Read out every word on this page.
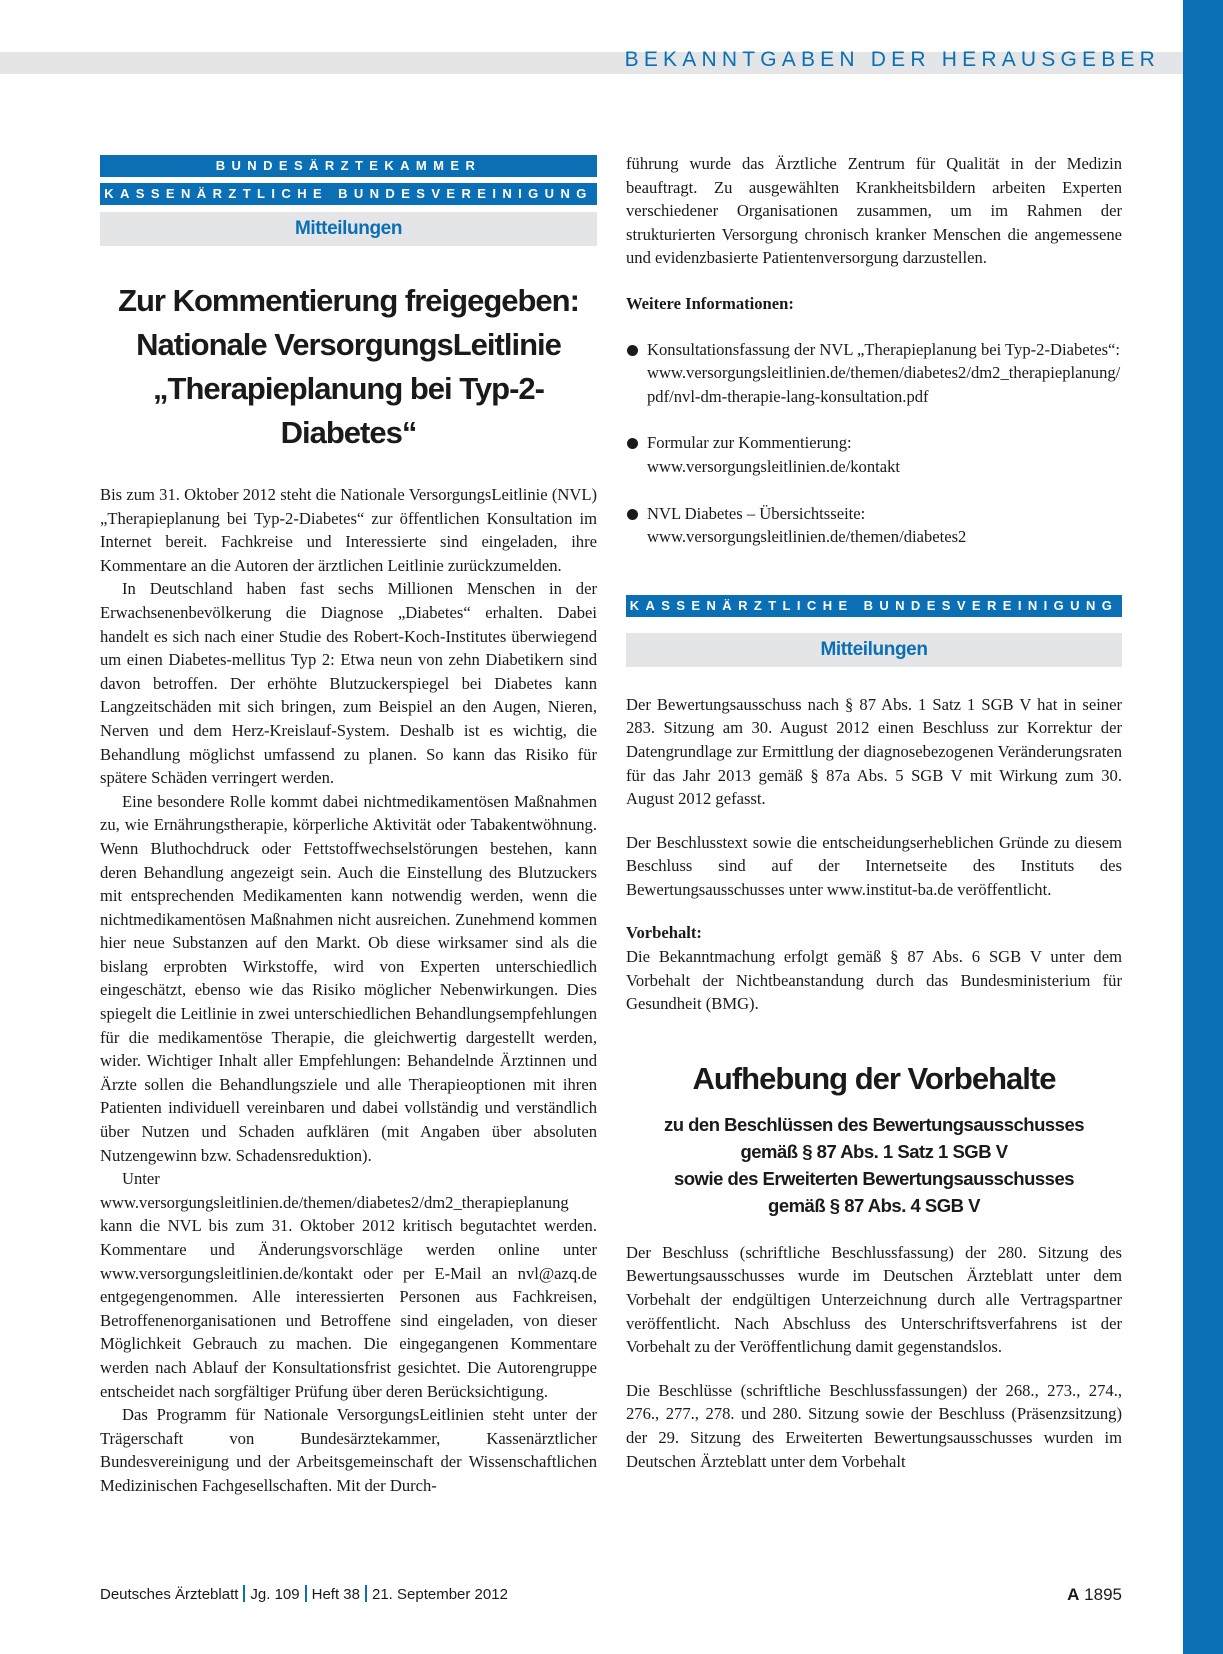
BEKANNTGABEN DER HERAUSGEBER
BUNDESÄRZTEKAMMER
KASSENÄRZTLICHE BUNDESVEREINIGUNG
Mitteilungen
Zur Kommentierung freigegeben:
Nationale VersorgungsLeitlinie
„Therapieplanung bei Typ-2-Diabetes“

Bis zum 31. Oktober 2012 steht die Nationale VersorgungsLeitlinie (NVL) „Therapieplanung bei Typ-2-Diabetes“ zur öffentlichen Konsultation im Internet bereit. Fachkreise und Interessierte sind eingeladen, ihre Kommentare an die Autoren der ärztlichen Leitlinie zurückzumelden.

In Deutschland haben fast sechs Millionen Menschen in der Erwachsenenbevölkerung die Diagnose „Diabetes“ erhalten. Dabei handelt es sich nach einer Studie des Robert-Koch-Institutes überwiegend um einen Diabetes-mellitus Typ 2: Etwa neun von zehn Diabetikern sind davon betroffen. Der erhöhte Blutzuckerspiegel bei Diabetes kann Langzeitschäden mit sich bringen, zum Beispiel an den Augen, Nieren, Nerven und dem Herz-Kreislauf-System. Deshalb ist es wichtig, die Behandlung möglichst umfassend zu planen. So kann das Risiko für spätere Schäden verringert werden.

Eine besondere Rolle kommt dabei nichtmedikamentösen Maßnahmen zu, wie Ernährungstherapie, körperliche Aktivität oder Tabakentwöhnung. Wenn Bluthochdruck oder Fettstoffwechselstörungen bestehen, kann deren Behandlung angezeigt sein. Auch die Einstellung des Blutzuckers mit entsprechenden Medikamenten kann notwendig werden, wenn die nichtmedikamentösen Maßnahmen nicht ausreichen. Zunehmend kommen hier neue Substanzen auf den Markt. Ob diese wirksamer sind als die bislang erprobten Wirkstoffe, wird von Experten unterschiedlich eingeschätzt, ebenso wie das Risiko möglicher Nebenwirkungen. Dies spiegelt die Leitlinie in zwei unterschiedlichen Behandlungsempfehlungen für die medikamentöse Therapie, die gleichwertig dargestellt werden, wider. Wichtiger Inhalt aller Empfehlungen: Behandelnde Ärztinnen und Ärzte sollen die Behandlungsziele und alle Therapieoptionen mit ihren Patienten individuell vereinbaren und dabei vollständig und verständlich über Nutzen und Schaden aufklären (mit Angaben über absoluten Nutzengewinn bzw. Schadensreduktion).

Unter www.versorgungsleitlinien.de/themen/diabetes2/dm2_therapieplanung kann die NVL bis zum 31. Oktober 2012 kritisch begutachtet werden. Kommentare und Änderungsvorschläge werden online unter www.versorgungsleitlinien.de/kontakt oder per E-Mail an nvl@azq.de entgegengenommen. Alle interessierten Personen aus Fachkreisen, Betroffenenorganisationen und Betroffene sind eingeladen, von dieser Möglichkeit Gebrauch zu machen. Die eingegangenen Kommentare werden nach Ablauf der Konsultationsfrist gesichtet. Die Autorengruppe entscheidet nach sorgfältiger Prüfung über deren Berücksichtigung.

Das Programm für Nationale VersorgungsLeitlinien steht unter der Trägerschaft von Bundesärztekammer, Kassenärztlicher Bundesvereinigung und der Arbeitsgemeinschaft der Wissenschaftlichen Medizinischen Fachgesellschaften. Mit der Durch-

führung wurde das Ärztliche Zentrum für Qualität in der Medizin beauftragt. Zu ausgewählten Krankheitsbildern arbeiten Experten verschiedener Organisationen zusammen, um im Rahmen der strukturierten Versorgung chronisch kranker Menschen die angemessene und evidenzbasierte Patientenversorgung darzustellen.

Weitere Informationen:

Konsultationsfassung der NVL „Therapieplanung bei Typ-2-Diabetes“:
www.versorgungsleitlinien.de/themen/diabetes2/dm2_therapieplanung/pdf/nvl-dm-therapie-lang-konsultation.pdf
Formular zur Kommentierung:
www.versorgungsleitlinien.de/kontakt
NVL Diabetes – Übersichtsseite:
www.versorgungsleitlinien.de/themen/diabetes2
KASSENÄRZTLICHE BUNDESVEREINIGUNG
Mitteilungen

Der Bewertungsausschuss nach § 87 Abs. 1 Satz 1 SGB V hat in seiner 283. Sitzung am 30. August 2012 einen Beschluss zur Korrektur der Datengrundlage zur Ermittlung der diagnosebezogenen Veränderungsraten für das Jahr 2013 gemäß § 87a Abs. 5 SGB V mit Wirkung zum 30. August 2012 gefasst.

Der Beschlusstext sowie die entscheidungserheblichen Gründe zu diesem Beschluss sind auf der Internetseite des Instituts des Bewertungsausschusses unter www.institut-ba.de veröffentlicht.

Vorbehalt:

Die Bekanntmachung erfolgt gemäß § 87 Abs. 6 SGB V unter dem Vorbehalt der Nichtbeanstandung durch das Bundesministerium für Gesundheit (BMG).

Aufhebung der Vorbehalte
zu den Beschlüssen des Bewertungsausschusses
gemäß § 87 Abs. 1 Satz 1 SGB V
sowie des Erweiterten Bewertungsausschusses
gemäß § 87 Abs. 4 SGB V

Der Beschluss (schriftliche Beschlussfassung) der 280. Sitzung des Bewertungsausschusses wurde im Deutschen Ärzteblatt unter dem Vorbehalt der endgültigen Unterzeichnung durch alle Vertragspartner veröffentlicht. Nach Abschluss des Unterschriftsverfahrens ist der Vorbehalt zu der Veröffentlichung damit gegenstandslos.

Die Beschlüsse (schriftliche Beschlussfassungen) der 268., 273., 274., 276., 277., 278. und 280. Sitzung sowie der Beschluss (Präsenzsitzung) der 29. Sitzung des Erweiterten Bewertungsausschusses wurden im Deutschen Ärzteblatt unter dem Vorbehalt

Deutsches Ärzteblatt Jg. 109 Heft 38 21. September 2012	A 1895
